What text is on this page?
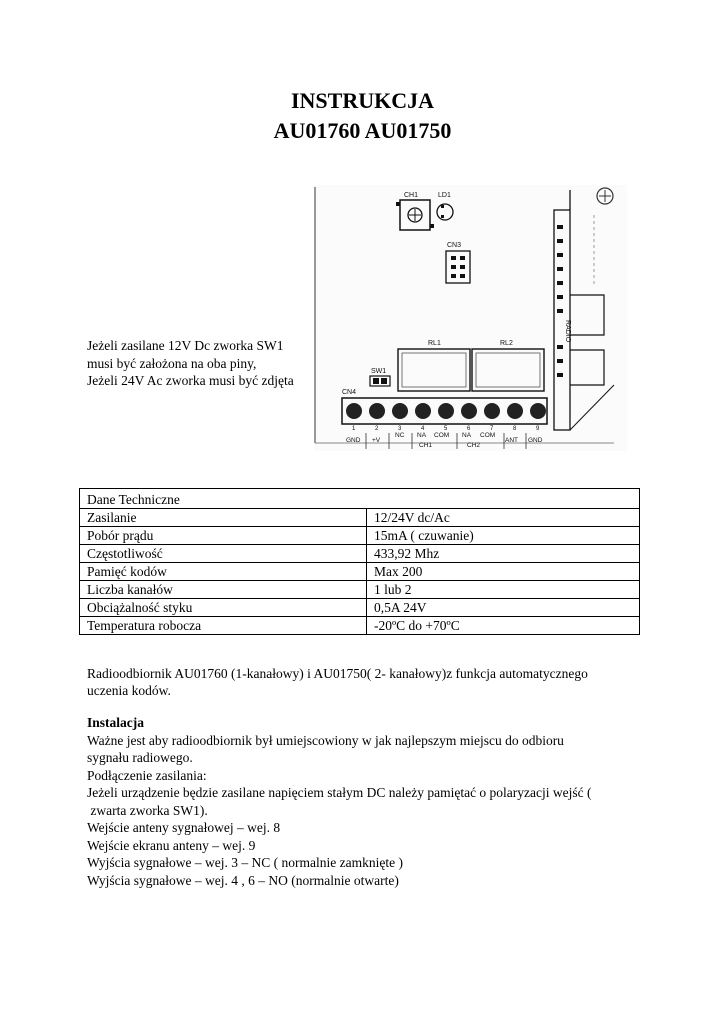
INSTRUKCJA
AU01760 AU01750
Jeżeli zasilane 12V Dc zworka SW1
musi być założona na oba piny,
Jeżeli 24V Ac zworka musi być zdjęta
CH1	LD1
CN3
RADIO
RL1	RL2
SW1
CN4
1	2	3	4	5	6	7	8	9
GND +V
NC NA COM NA COM
ANT GND
CH1	CH2
Dane Techniczne	
Zasilanie	12/24V dc/Ac
Pobór prądu	15mA ( czuwanie)
Częstotliwość	433,92 Mhz
Pamięć kodów	Max 200
Liczba kanałów	1 lub 2
Obciążalność styku	0,5A 24V
Temperatura robocza	-20ºC do +70ºC
Radioodbiornik AU01760 (1-kanałowy) i AU01750( 2- kanałowy)z funkcja automatycznego
uczenia kodów.
Instalacja
Ważne jest aby radioodbiornik był umiejscowiony w jak najlepszym miejscu do odbioru
sygnału radiowego.
Podłączenie zasilania:
Jeżeli urządzenie będzie zasilane napięciem stałym DC należy pamiętać o polaryzacji wejść (
zwarta zworka SW1).
Wejście anteny sygnałowej – wej. 8
Wejście ekranu anteny – wej. 9
Wyjścia sygnałowe – wej. 3 – NC ( normalnie zamknięte )
Wyjścia sygnałowe – wej. 4 , 6 – NO (normalnie otwarte)
